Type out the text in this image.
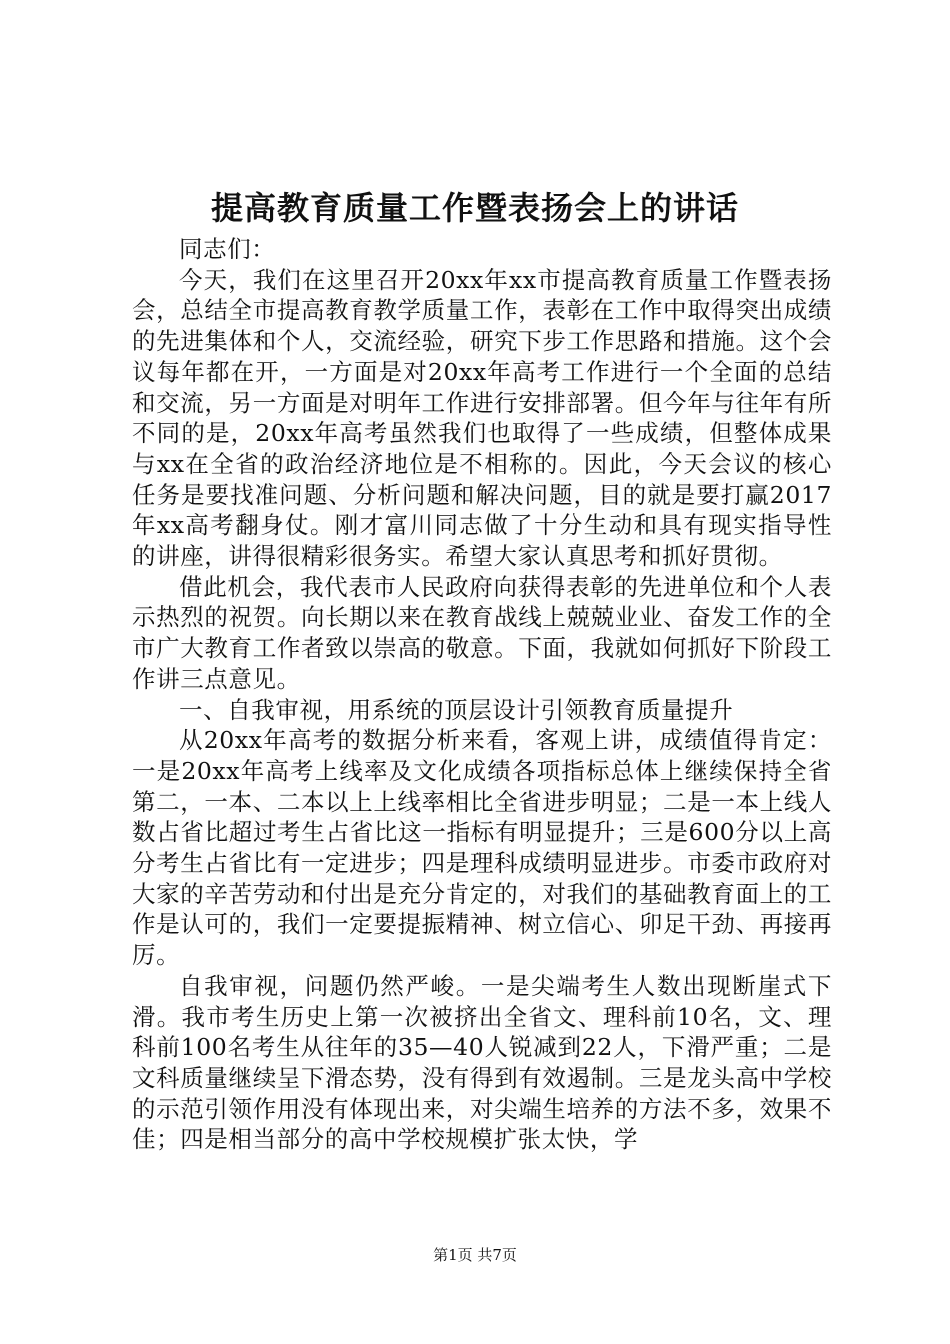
提高教育质量工作暨表扬会上的讲话

同志们：

今天，我们在这里召开20xx年xx市提高教育质量工作暨表扬会，总结全市提高教育教学质量工作，表彰在工作中取得突出成绩的先进集体和个人，交流经验，研究下步工作思路和措施。这个会议每年都在开，一方面是对20xx年高考工作进行一个全面的总结和交流，另一方面是对明年工作进行安排部署。但今年与往年有所不同的是，20xx年高考虽然我们也取得了一些成绩，但整体成果与xx在全省的政治经济地位是不相称的。因此，今天会议的核心任务是要找准问题、分析问题和解决问题，目的就是要打赢2017年xx高考翻身仗。刚才富川同志做了十分生动和具有现实指导性的讲座，讲得很精彩很务实。希望大家认真思考和抓好贯彻。

借此机会，我代表市人民政府向获得表彰的先进单位和个人表示热烈的祝贺。向长期以来在教育战线上兢兢业业、奋发工作的全市广大教育工作者致以崇高的敬意。下面，我就如何抓好下阶段工作讲三点意见。

一、自我审视，用系统的顶层设计引领教育质量提升

从20xx年高考的数据分析来看，客观上讲，成绩值得肯定：一是20xx年高考上线率及文化成绩各项指标总体上继续保持全省第二，一本、二本以上上线率相比全省进步明显；二是一本上线人数占省比超过考生占省比这一指标有明显提升；三是600分以上高分考生占省比有一定进步；四是理科成绩明显进步。市委市政府对大家的辛苦劳动和付出是充分肯定的，对我们的基础教育面上的工作是认可的，我们一定要提振精神、树立信心、卯足干劲、再接再厉。

自我审视，问题仍然严峻。一是尖端考生人数出现断崖式下滑。我市考生历史上第一次被挤出全省文、理科前10名，文、理科前100名考生从往年的35—40人锐减到22人，下滑严重；二是文科质量继续呈下滑态势，没有得到有效遏制。三是龙头高中学校的示范引领作用没有体现出来，对尖端生培养的方法不多，效果不佳；四是相当部分的高中学校规模扩张太快，学

第1页 共7页
